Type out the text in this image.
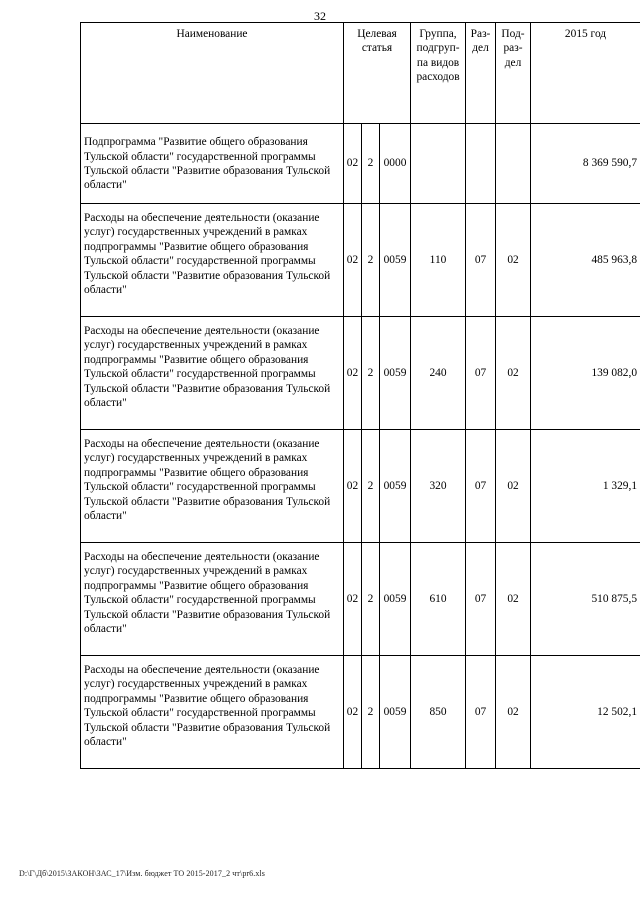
32
Наименование	Целевая статья			Группа, подгруп-па видов расходов	Раз-дел	Под-раз-дел	2015 год
Подпрограмма "Развитие общего образования Тульской области" государственной программы Тульской области "Развитие образования Тульской области"	02	2	0000				8 369 590,7
Расходы на обеспечение деятельности (оказание услуг) государственных учреждений в рамках подпрограммы "Развитие общего образования Тульской области" государственной программы Тульской области "Развитие образования Тульской области"	02	2	0059	110	07	02	485 963,8
Расходы на обеспечение деятельности (оказание услуг) государственных учреждений в рамках подпрограммы "Развитие общего образования Тульской области" государственной программы Тульской области "Развитие образования Тульской области"	02	2	0059	240	07	02	139 082,0
Расходы на обеспечение деятельности (оказание услуг) государственных учреждений в рамках подпрограммы "Развитие общего образования Тульской области" государственной программы Тульской области "Развитие образования Тульской области"	02	2	0059	320	07	02	1 329,1
Расходы на обеспечение деятельности (оказание услуг) государственных учреждений в рамках подпрограммы "Развитие общего образования Тульской области" государственной программы Тульской области "Развитие образования Тульской области"	02	2	0059	610	07	02	510 875,5
Расходы на обеспечение деятельности (оказание услуг) государственных учреждений в рамках подпрограммы "Развитие общего образования Тульской области" государственной программы Тульской области "Развитие образования Тульской области"	02	2	0059	850	07	02	12 502,1
D:\Г\Дб\2015\ЗАКОН\ЗАС_17\Изм. бюджет ТО 2015-2017_2 чт\pr6.xls
